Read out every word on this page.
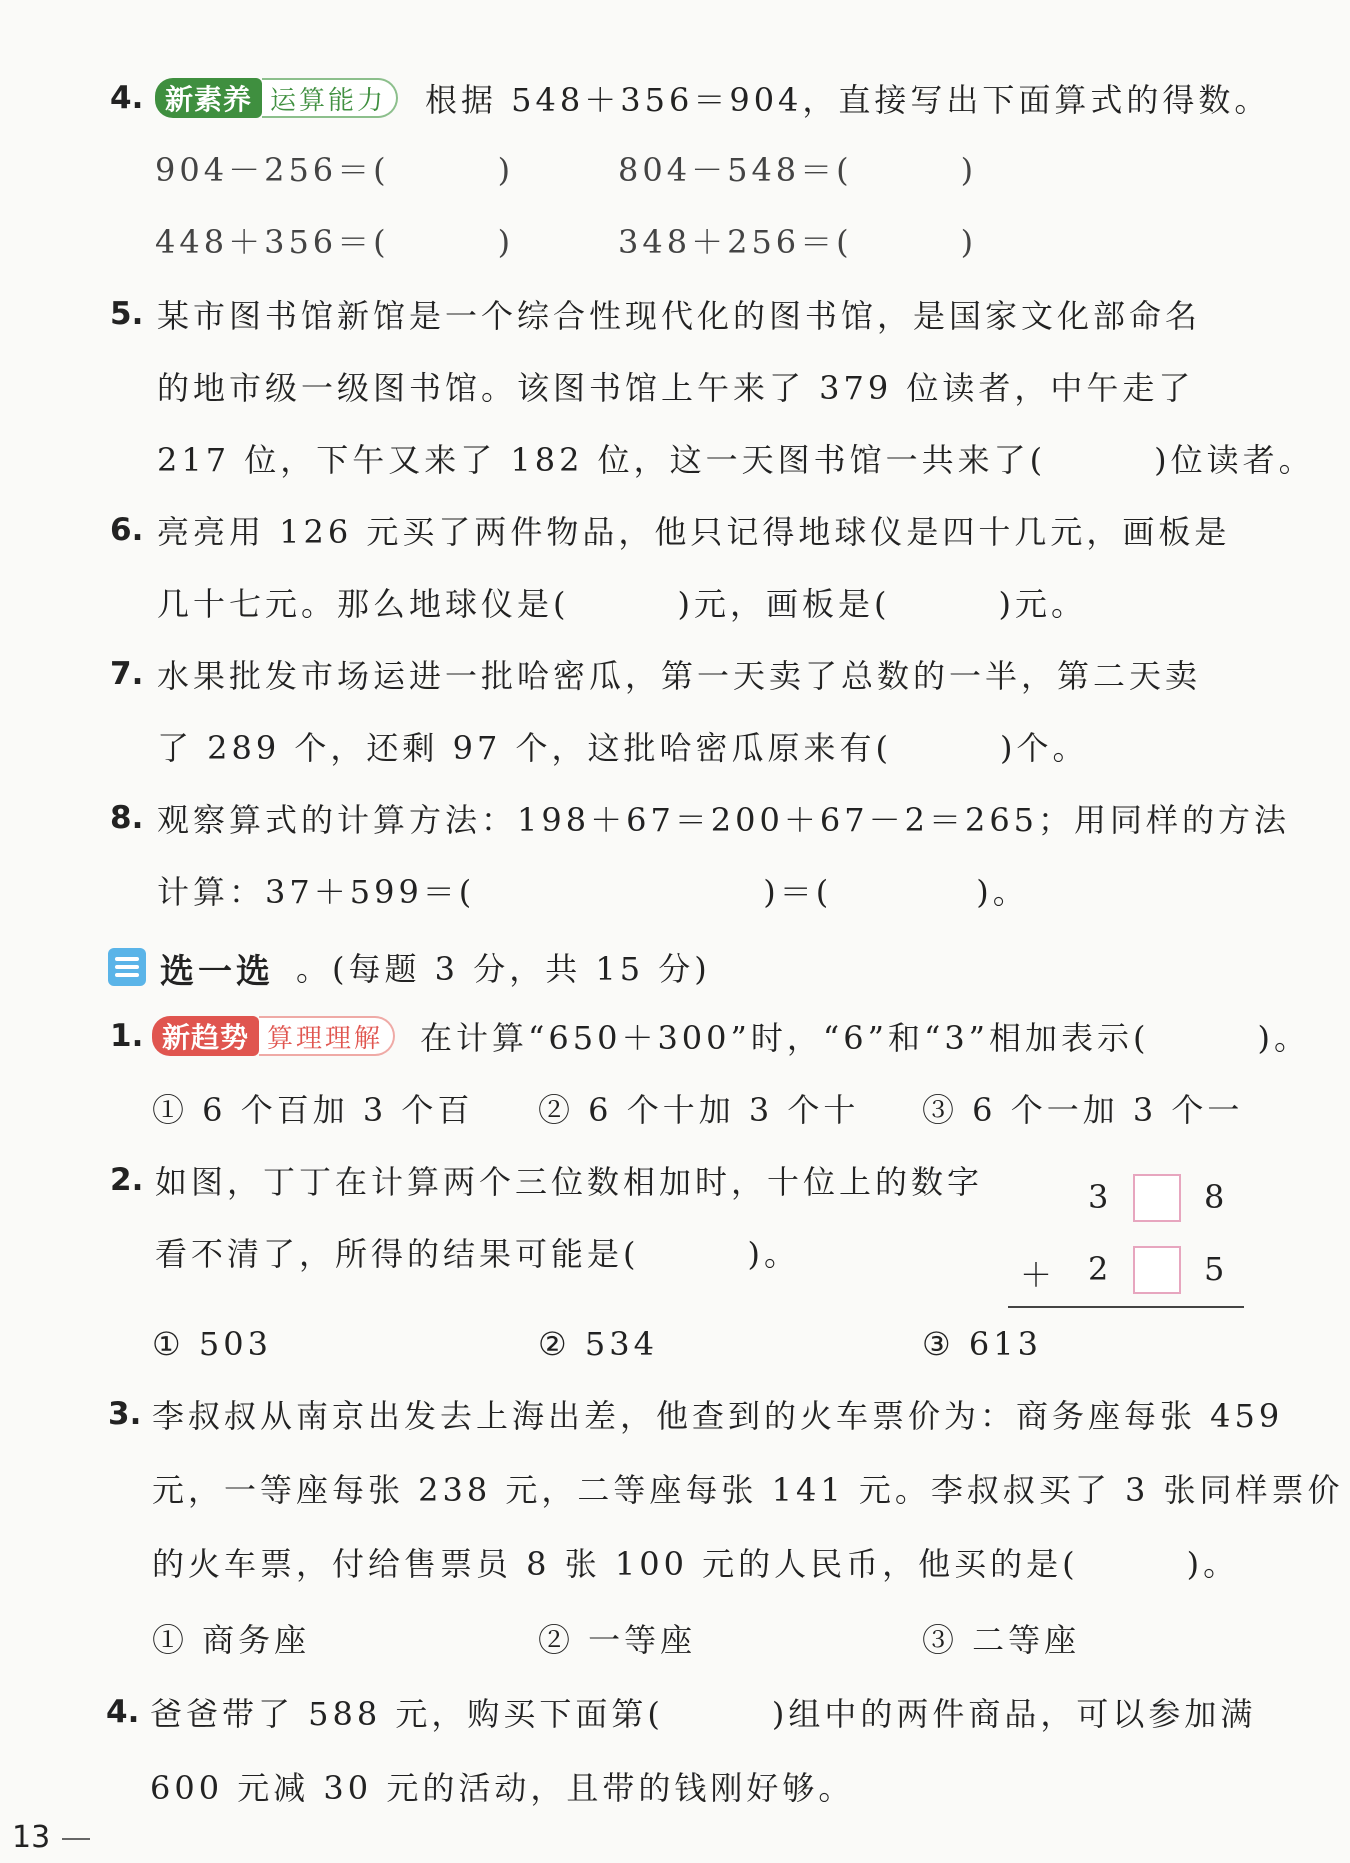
4. 新素养 运算能力	根据 548＋356＝904，直接写出下面算式的得数。
904－256＝(　　　)	804－548＝(　　　)
448＋356＝(　　　)	348＋256＝(　　　)
5. 某市图书馆新馆是一个综合性现代化的图书馆，是国家文化部命名
的地市级一级图书馆。该图书馆上午来了 379 位读者，中午走了
217 位，下午又来了 182 位，这一天图书馆一共来了(　　　)位读者。
6. 亮亮用 126 元买了两件物品，他只记得地球仪是四十几元，画板是
几十七元。那么地球仪是(　　　)元，画板是(　　　)元。
7. 水果批发市场运进一批哈密瓜，第一天卖了总数的一半，第二天卖
了 289 个，还剩 97 个，这批哈密瓜原来有(　　　)个。
8. 观察算式的计算方法：198＋67＝200＋67－2＝265；用同样的方法
计算：37＋599＝(　　　　　　　　)＝(　　　　)。
选一选 。(每题 3 分，共 15 分)
1. 新趋势 算理理解	在计算“650＋300”时，“6”和“3”相加表示(　　　)。
① 6 个百加 3 个百 ② 6 个十加 3 个十 ③ 6 个一加 3 个一
2. 如图，丁丁在计算两个三位数相加时，十位上的数字
看不清了，所得的结果可能是(　　　)。
3	8
＋ 2	5
① 503	② 534	③ 613
3. 李叔叔从南京出发去上海出差，他查到的火车票价为：商务座每张 459
元，一等座每张 238 元，二等座每张 141 元。李叔叔买了 3 张同样票价
的火车票，付给售票员 8 张 100 元的人民币，他买的是(　　　)。
① 商务座	② 一等座	③ 二等座
4. 爸爸带了 588 元，购买下面第(　　　)组中的两件商品，可以参加满
600 元减 30 元的活动，且带的钱刚好够。
13
